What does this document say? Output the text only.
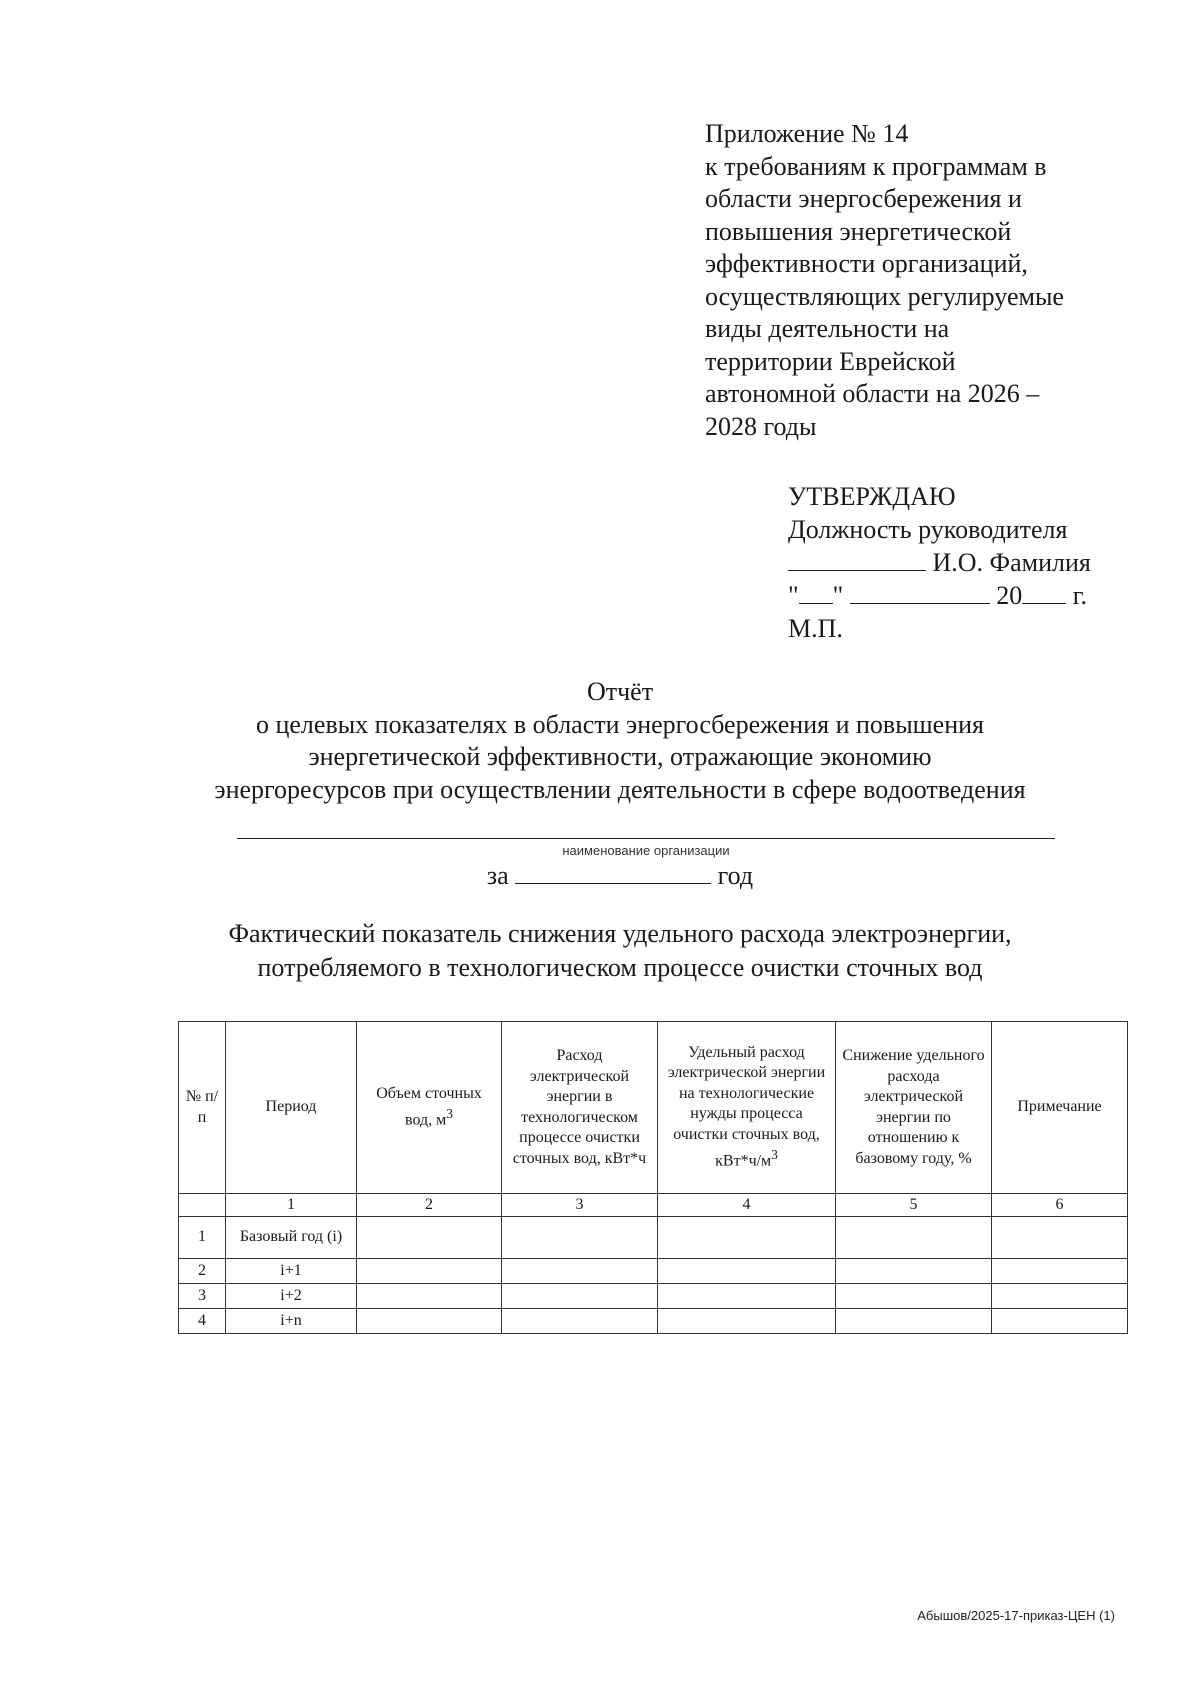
Приложение № 14
к требованиям к программам в
области энергосбережения и
повышения энергетической
эффективности организаций,
осуществляющих регулируемые
виды деятельности на
территории Еврейской
автономной области на 2026 –
2028 годы
УТВЕРЖДАЮ
Должность руководителя
И.О. Фамилия
" "	20 г.
М.П.
Отчёт
о целевых показателях в области энергосбережения и повышения
энергетической эффективности, отражающие экономию
энергоресурсов при осуществлении деятельности в сфере водоотведения
наименование организации
за	год
Фактический показатель снижения удельного расхода электроэнергии,
потребляемого в технологическом процессе очистки сточных вод
№ п/п	Период	Объем сточных вод, $м^3$	Расход электрической энергии в технологическом процессе очистки сточных вод, кВт*ч	Удельный расход электрической энергии на технологические нужды процесса очистки сточных вод, $кВт*ч/м^3$	Снижение удельного расхода электрической энергии по отношению к базовому году, %	Примечание
	1	2	3	4	5	6
1	Базовый год (i)					
2	i+1					
3	i+2					
4	i+n					
Абышов/2025-17-приказ-ЦЕН (1)
